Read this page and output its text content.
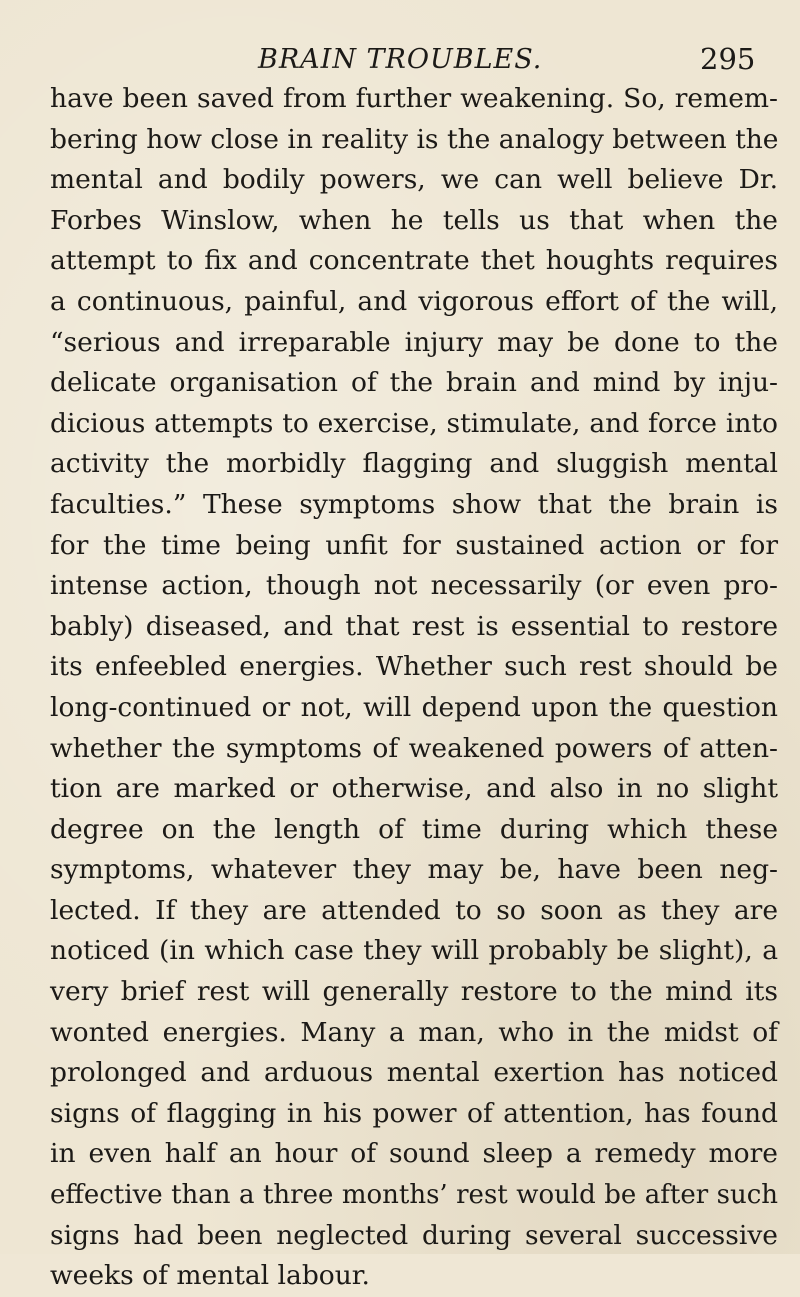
BRAIN TROUBLES.	295
have been saved from further weakening. So, remem-
bering how close in reality is the analogy between the
mental and bodily powers, we can well believe Dr.
Forbes Winslow, when he tells us that when the
attempt to fix and concentrate thet houghts requires
a continuous, painful, and vigorous effort of the will,
“serious and irreparable injury may be done to the
delicate organisation of the brain and mind by inju-
dicious attempts to exercise, stimulate, and force into
activity the morbidly flagging and sluggish mental
faculties.” These symptoms show that the brain is
for the time being unfit for sustained action or for
intense action, though not necessarily (or even pro-
bably) diseased, and that rest is essential to restore
its enfeebled energies. Whether such rest should be
long-continued or not, will depend upon the question
whether the symptoms of weakened powers of atten-
tion are marked or otherwise, and also in no slight
degree on the length of time during which these
symptoms, whatever they may be, have been neg-
lected. If they are attended to so soon as they are
noticed (in which case they will probably be slight), a
very brief rest will generally restore to the mind its
wonted energies. Many a man, who in the midst of
prolonged and arduous mental exertion has noticed
signs of flagging in his power of attention, has found
in even half an hour of sound sleep a remedy more
effective than a three months’ rest would be after such
signs had been neglected during several successive
weeks of mental labour.
